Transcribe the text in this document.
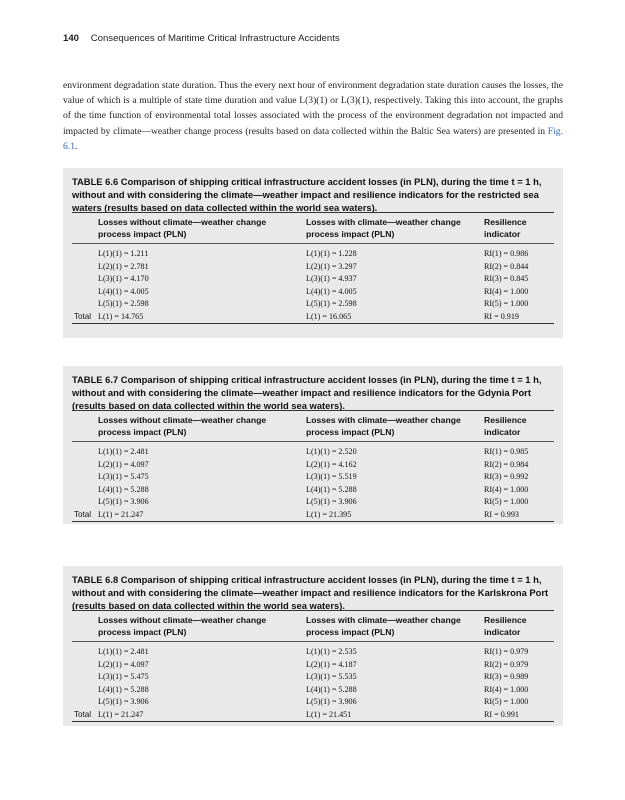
140 Consequences of Maritime Critical Infrastructure Accidents

environment degradation state duration. Thus the every next hour of environment degradation state duration causes the losses, the value of which is a multiple of state time duration and value L(3)(1) or L(3)(1), respectively. Taking this into account, the graphs of the time function of environmental total losses associated with the process of the environment degradation not impacted and impacted by climate—weather change process (results based on data collected within the Baltic Sea waters) are presented in Fig. 6.1.

TABLE 6.6 Comparison of shipping critical infrastructure accident losses (in PLN), during the time t = 1 h, without and with considering the climate—weather impact and resilience indicators for the restricted sea waters (results based on data collected within the world sea waters).
Losses without climate—weather change
process impact (PLN)
Losses with climate—weather change
process impact (PLN)
Resilience
indicator
L(1)(1) = 1.211	L(1)(1) = 1.228	RI(1) = 0.986
L(2)(1) = 2.781	L(2)(1) = 3.297	RI(2) = 0.844
L(3)(1) = 4.170	L(3)(1) = 4.937	RI(3) = 0.845
L(4)(1) = 4.005	L(4)(1) = 4.005	RI(4) = 1.000
L(5)(1) = 2.598	L(5)(1) = 2.598	RI(5) = 1.000
Total L(1) = 14.765	L(1) = 16.065	RI = 0.919
TABLE 6.7 Comparison of shipping critical infrastructure accident losses (in PLN), during the time t = 1 h, without and with considering the climate—weather impact and resilience indicators for the Gdynia Port (results based on data collected within the world sea waters).
Losses without climate—weather change
process impact (PLN)
Losses with climate—weather change
process impact (PLN)
Resilience
indicator
L(1)(1) = 2.481	L(1)(1) = 2.520	RI(1) = 0.985
L(2)(1) = 4.097	L(2)(1) = 4.162	RI(2) = 0.984
L(3)(1) = 5.475	L(3)(1) = 5.519	RI(3) = 0.992
L(4)(1) = 5.288	L(4)(1) = 5.288	RI(4) = 1.000
L(5)(1) = 3.906	L(5)(1) = 3.906	RI(5) = 1.000
Total L(1) = 21.247	L(1) = 21.395	RI = 0.993
TABLE 6.8 Comparison of shipping critical infrastructure accident losses (in PLN), during the time t = 1 h, without and with considering the climate—weather impact and resilience indicators for the Karlskrona Port (results based on data collected within the world sea waters).
Losses without climate—weather change
process impact (PLN)
Losses with climate—weather change
process impact (PLN)
Resilience
indicator
L(1)(1) = 2.481	L(1)(1) = 2.535	RI(1) = 0.979
L(2)(1) = 4.097	L(2)(1) = 4.187	RI(2) = 0.979
L(3)(1) = 5.475	L(3)(1) = 5.535	RI(3) = 0.989
L(4)(1) = 5.288	L(4)(1) = 5.288	RI(4) = 1.000
L(5)(1) = 3.906	L(5)(1) = 3.906	RI(5) = 1.000
Total L(1) = 21.247	L(1) = 21.451	RI = 0.991
